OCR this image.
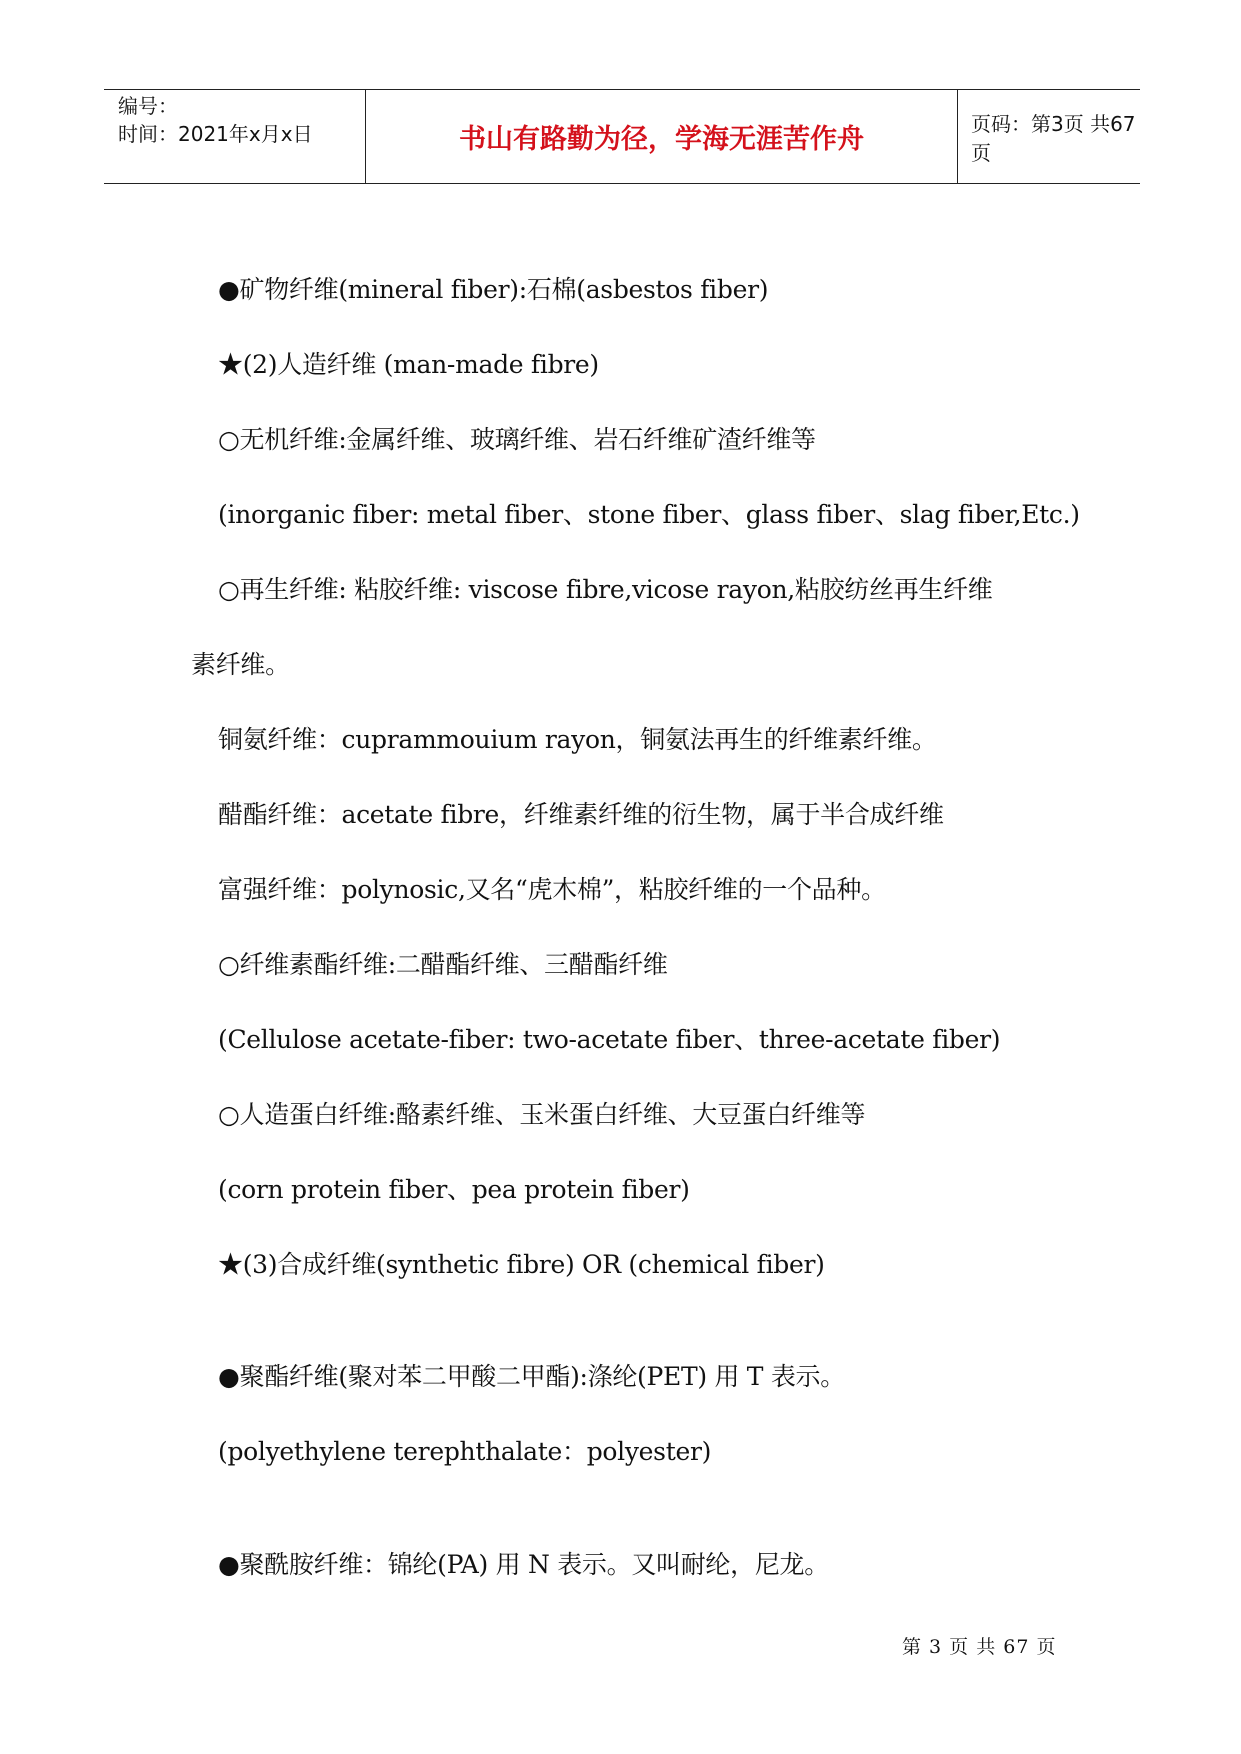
编号：
时间：2021年x月x日	书山有路勤为径，学海无涯苦作舟
页码：第3页 共67页
●矿物纤维(mineral fiber):石棉(asbestos fiber)
★(2)人造纤维 (man-made fibre)
○无机纤维:金属纤维、玻璃纤维、岩石纤维矿渣纤维等
(inorganic fiber: metal fiber、stone fiber、glass fiber、slag fiber,Etc.)
○再生纤维: 粘胶纤维: viscose fibre,vicose rayon,粘胶纺丝再生纤维
素纤维。
铜氨纤维：cuprammouium rayon，铜氨法再生的纤维素纤维。
醋酯纤维：acetate fibre，纤维素纤维的衍生物，属于半合成纤维
富强纤维：polynosic,又名“虎木棉”，粘胶纤维的一个品种。
○纤维素酯纤维:二醋酯纤维、三醋酯纤维
(Cellulose acetate-fiber: two-acetate fiber、three-acetate fiber)
○人造蛋白纤维:酪素纤维、玉米蛋白纤维、大豆蛋白纤维等
(corn protein fiber、pea protein fiber)
★(3)合成纤维(synthetic fibre) OR (chemical fiber)
●聚酯纤维(聚对苯二甲酸二甲酯):涤纶(PET) 用 T 表示。
(polyethylene terephthalate：polyester)
●聚酰胺纤维：锦纶(PA) 用 N 表示。又叫耐纶，尼龙。
第 3 页 共 67 页
